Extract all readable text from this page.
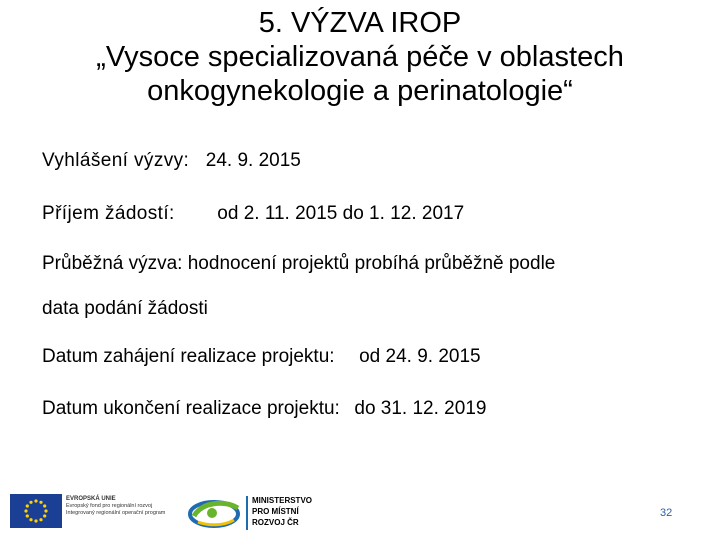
5. VÝZVA IROP
„Vysoce specializovaná péče v oblastech
onkogynekologie a perinatologie“
Vyhlášení výzvy: 24. 9. 2015
Příjem žádostí: od 2. 11. 2015 do 1. 12. 2017
Průběžná výzva: hodnocení projektů probíhá průběžně podle
data podání žádosti
Datum zahájení realizace projektu: od 24. 9. 2015
Datum ukončení realizace projektu: do 31. 12. 2019
EVROPSKÁ UNIE
Evropský fond pro regionální rozvoj
Integrovaný regionální operační program
MINISTERSTVO
PRO MÍSTNÍ
ROZVOJ ČR
32
